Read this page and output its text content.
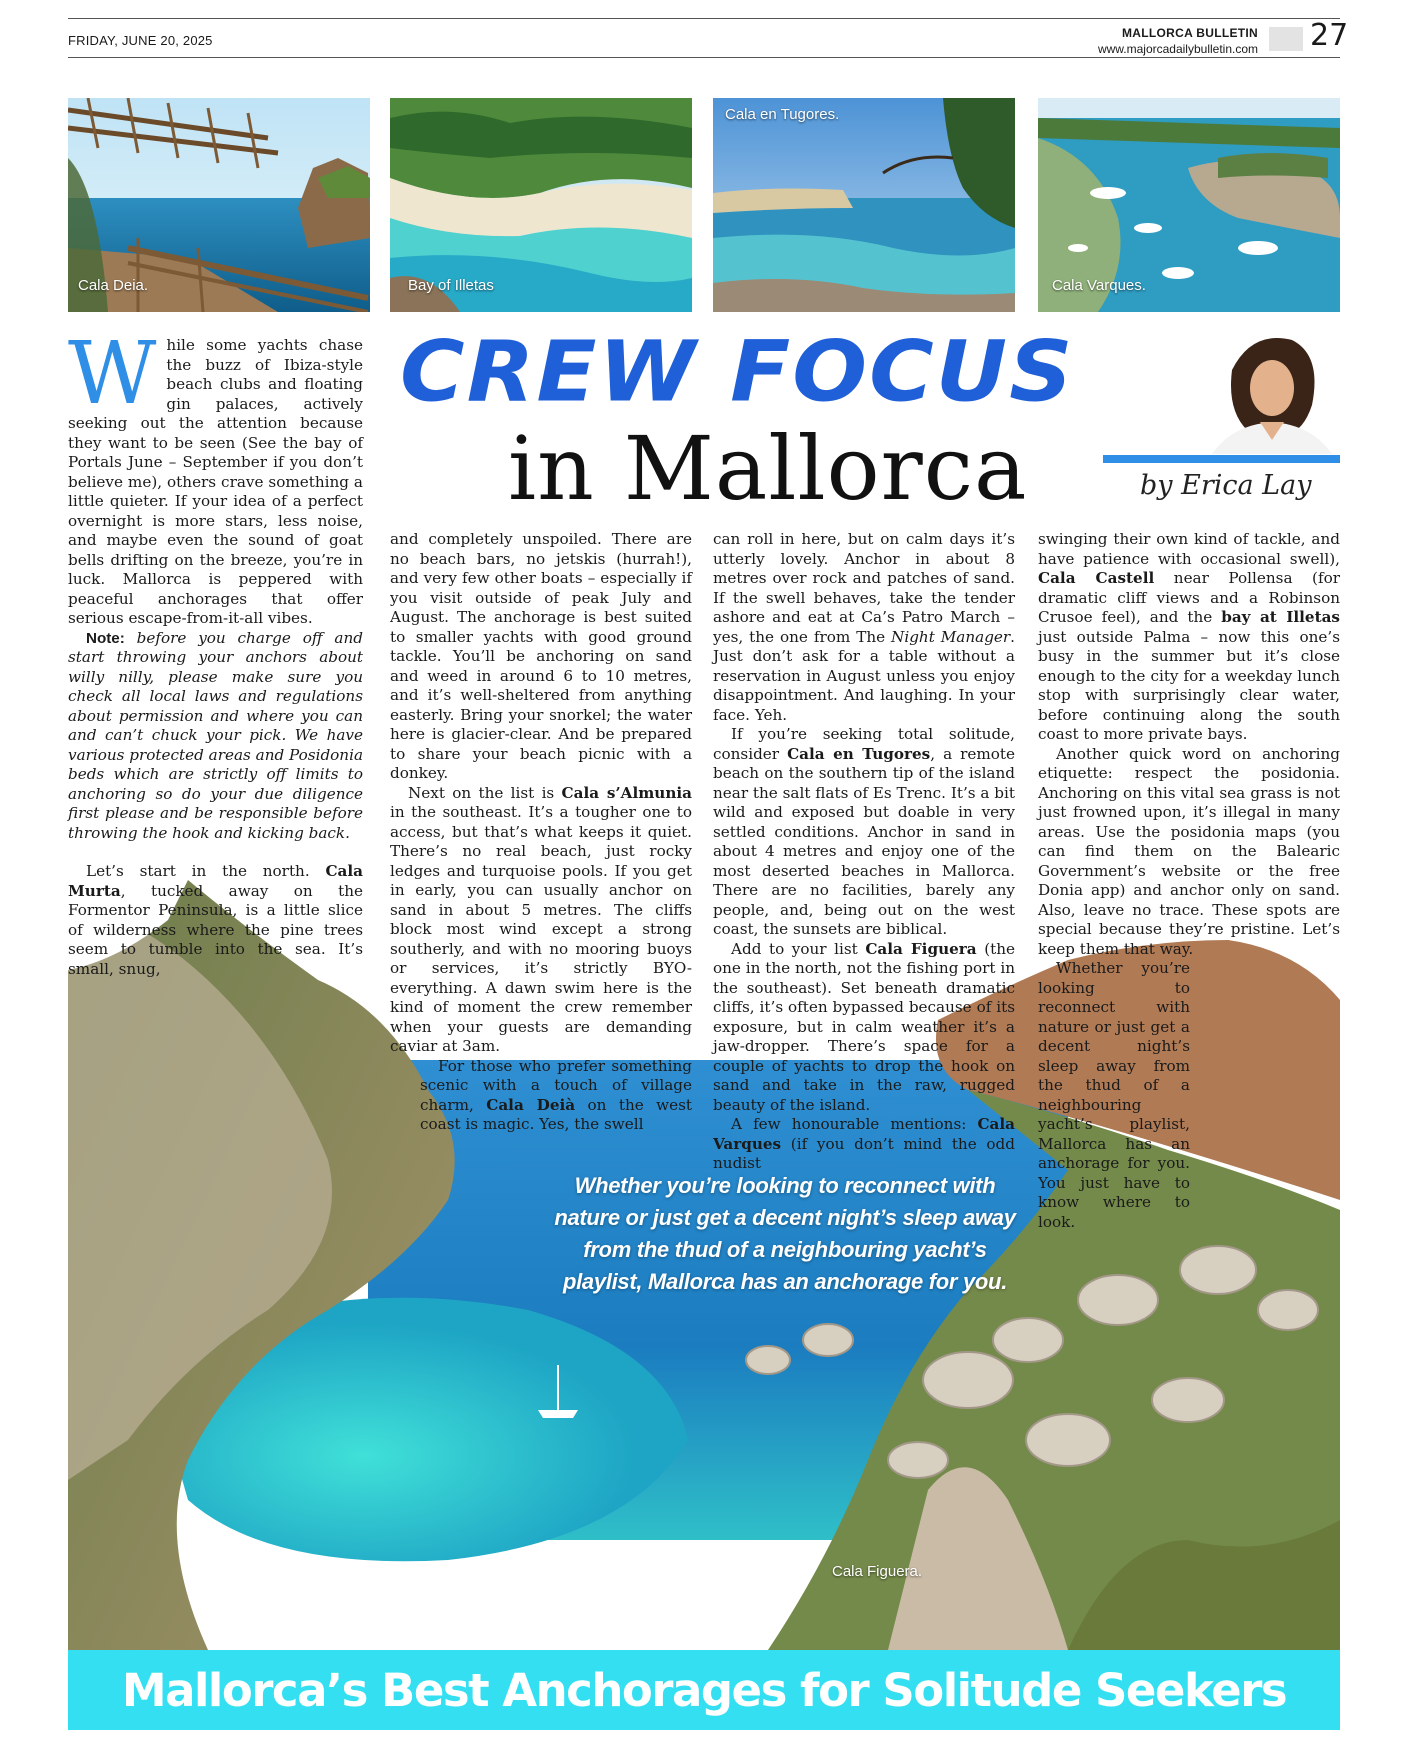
FRIDAY, JUNE 20, 2025	MALLORCA BULLETIN
www.majorcadailybulletin.com 27
Cala Deia.	Bay of Illetas
Cala en Tugores.
Cala Varques.
CREW FOCUS
in Mallorca	by Erica Lay
Whether you’re looking to reconnect with nature or just get a decent night’s sleep away from the thud of a neighbouring yacht’s playlist, Mallorca has an anchorage for you.
Cala Figuera.

While some yachts chase the buzz of Ibiza-style beach clubs and floating gin palaces, actively seeking out the attention because they want to be seen (See the bay of Portals June – September if you don’t believe me), others crave something a little quieter. If your idea of a perfect overnight is more stars, less noise, and maybe even the sound of goat bells drifting on the breeze, you’re in luck. Mallorca is peppered with peaceful anchorages that offer serious escape-from-it-all vibes.

Note: before you charge off and start throwing your anchors about willy nilly, please make sure you check all local laws and regulations about permission and where you can and can’t chuck your pick. We have various protected areas and Posidonia beds which are strictly off limits to anchoring so do your due diligence first please and be responsible before throwing the hook and kicking back.

Let’s start in the north. Cala Murta, tucked away on the Formentor Peninsula, is a little slice of wilderness where the pine trees seem to tumble into the sea. It’s small, snug,

and completely unspoiled. There are no beach bars, no jetskis (hurrah!), and very few other boats – especially if you visit outside of peak July and August. The anchorage is best suited to smaller yachts with good ground tackle. You’ll be anchoring on sand and weed in around 6 to 10 metres, and it’s well-sheltered from anything easterly. Bring your snorkel; the water here is glacier-clear. And be prepared to share your beach picnic with a donkey.

Next on the list is Cala s’Almunia in the southeast. It’s a tougher one to access, but that’s what keeps it quiet. There’s no real beach, just rocky ledges and turquoise pools. If you get in early, you can usually anchor on sand in about 5 metres. The cliffs block most wind except a strong southerly, and with no mooring buoys or services, it’s strictly BYO-everything. A dawn swim here is the kind of moment the crew remember when your guests are demanding caviar at 3am.

For those who prefer something scenic with a touch of village charm, Cala Deià on the west coast is magic. Yes, the swell

can roll in here, but on calm days it’s utterly lovely. Anchor in about 8 metres over rock and patches of sand. If the swell behaves, take the tender ashore and eat at Ca’s Patro March – yes, the one from The Night Manager. Just don’t ask for a table without a reservation in August unless you enjoy disappointment. And laughing. In your face. Yeh.

If you’re seeking total solitude, consider Cala en Tugores, a remote beach on the southern tip of the island near the salt flats of Es Trenc. It’s a bit wild and exposed but doable in very settled conditions. Anchor in sand in about 4 metres and enjoy one of the most deserted beaches in Mallorca. There are no facilities, barely any people, and, being out on the west coast, the sunsets are biblical.

Add to your list Cala Figuera (the one in the north, not the fishing port in the southeast). Set beneath dramatic cliffs, it’s often bypassed because of its exposure, but in calm weather it’s a jaw-dropper. There’s space for a couple of yachts to drop the hook on sand and take in the raw, rugged beauty of the island.

A few honourable mentions: Cala Varques (if you don’t mind the odd nudist

swinging their own kind of tackle, and have patience with occasional swell), Cala Castell near Pollensa (for dramatic cliff views and a Robinson Crusoe feel), and the bay at Illetas just outside Palma – now this one’s busy in the summer but it’s close enough to the city for a weekday lunch stop with surprisingly clear water, before continuing along the south coast to more private bays.

Another quick word on anchoring etiquette: respect the posidonia. Anchoring on this vital sea grass is not just frowned upon, it’s illegal in many areas. Use the posidonia maps (you can find them on the Balearic Government’s website or the free Donia app) and anchor only on sand. Also, leave no trace. These spots are special because they’re pristine. Let’s keep them that way.

Whether you’re looking to reconnect with nature or just get a decent night’s sleep away from the thud of a neighbouring yacht’s playlist, Mallorca has an anchorage for you. You just have to know where to look.

Mallorca’s Best Anchorages for Solitude Seekers
